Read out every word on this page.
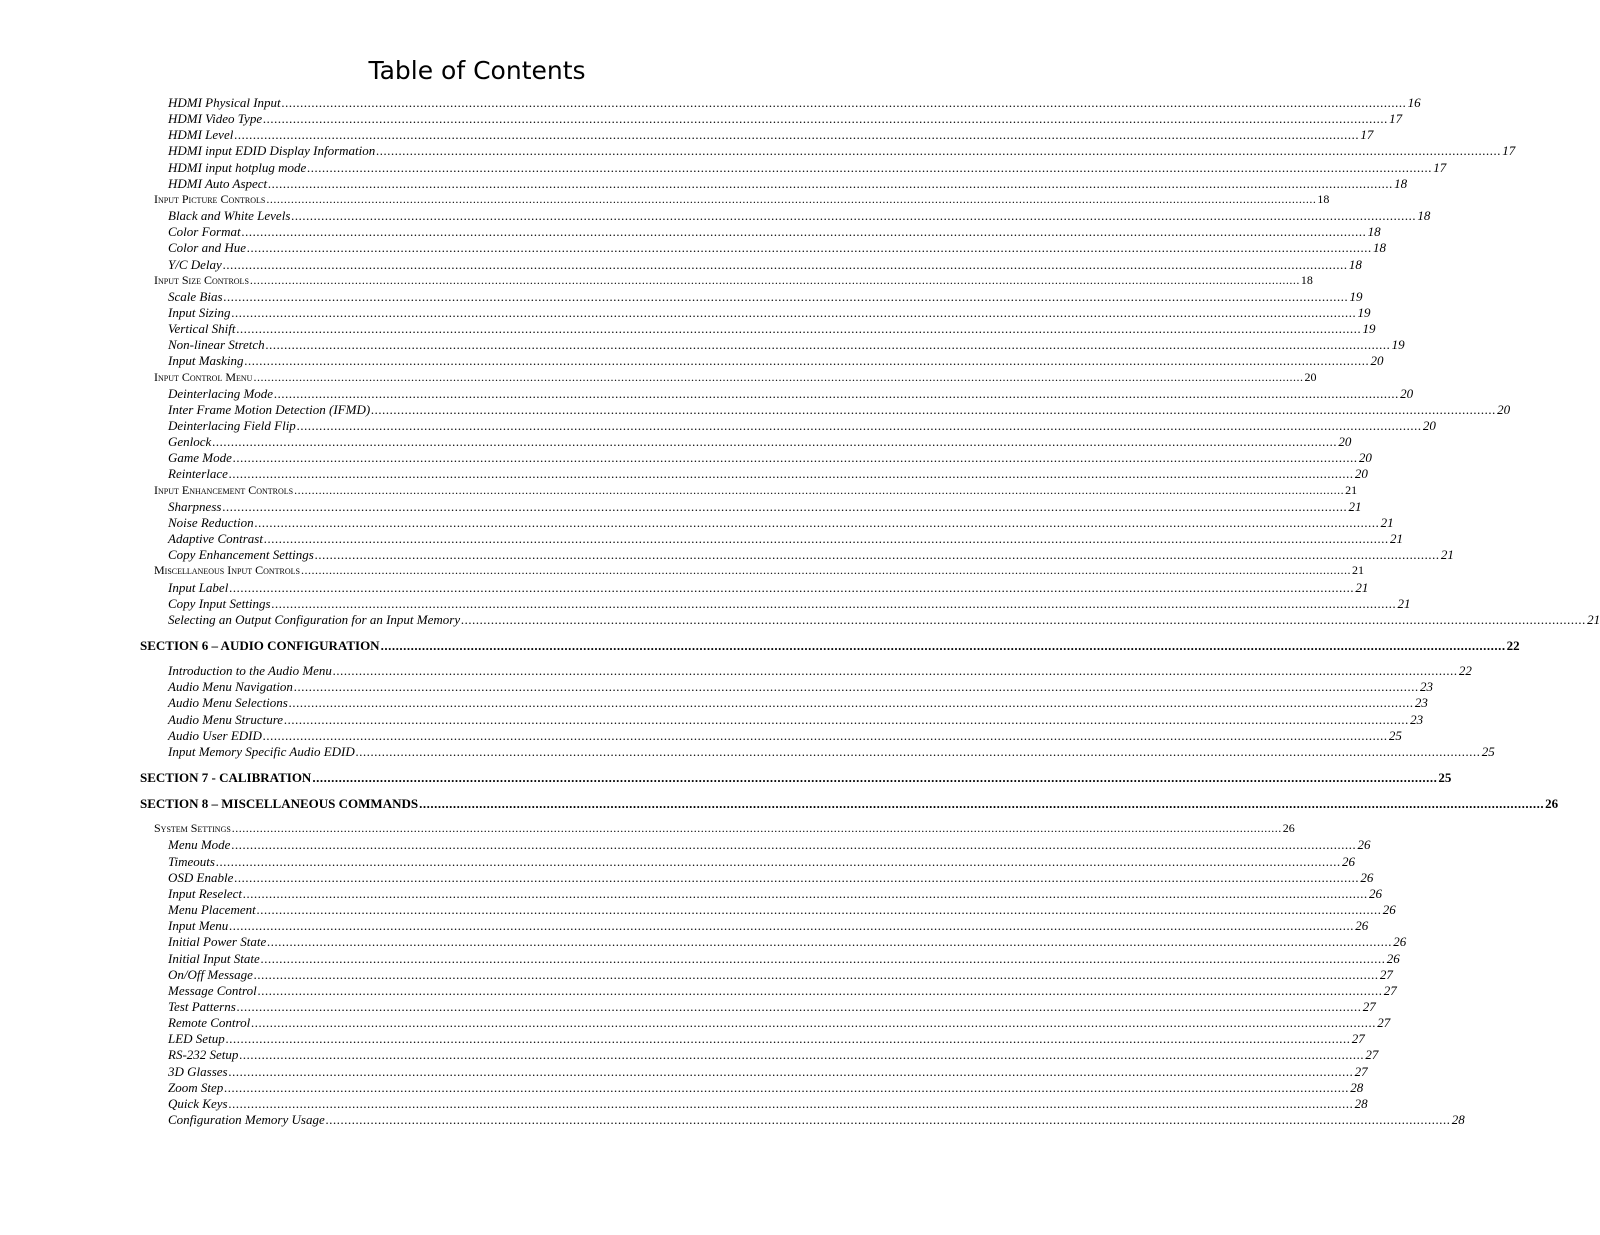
Table of Contents
HDMI Physical Input ............................................................................................................................................................................................................................................................................................................ 16
HDMI Video Type ............................................................................................................................................................................................................................................................................................................ 17
HDMI Level ............................................................................................................................................................................................................................................................................................................ 17
HDMI input EDID Display Information ............................................................................................................................................................................................................................................................................................................ 17
HDMI input hotplug mode ............................................................................................................................................................................................................................................................................................................ 17
HDMI Auto Aspect ............................................................................................................................................................................................................................................................................................................ 18
Input Picture Controls ............................................................................................................................................................................................................................................................................................................ 18
Black and White Levels ............................................................................................................................................................................................................................................................................................................ 18
Color Format ............................................................................................................................................................................................................................................................................................................ 18
Color and Hue ............................................................................................................................................................................................................................................................................................................ 18
Y/C Delay ............................................................................................................................................................................................................................................................................................................ 18
Input Size Controls ............................................................................................................................................................................................................................................................................................................ 18
Scale Bias ............................................................................................................................................................................................................................................................................................................ 19
Input Sizing ............................................................................................................................................................................................................................................................................................................ 19
Vertical Shift ............................................................................................................................................................................................................................................................................................................ 19
Non-linear Stretch ............................................................................................................................................................................................................................................................................................................ 19
Input Masking ............................................................................................................................................................................................................................................................................................................ 20
Input Control Menu ............................................................................................................................................................................................................................................................................................................ 20
Deinterlacing Mode ............................................................................................................................................................................................................................................................................................................ 20
Inter Frame Motion Detection (IFMD) ............................................................................................................................................................................................................................................................................................................ 20
Deinterlacing Field Flip ............................................................................................................................................................................................................................................................................................................ 20
Genlock ............................................................................................................................................................................................................................................................................................................ 20
Game Mode ............................................................................................................................................................................................................................................................................................................ 20
Reinterlace ............................................................................................................................................................................................................................................................................................................ 20
Input Enhancement Controls ............................................................................................................................................................................................................................................................................................................ 21
Sharpness ............................................................................................................................................................................................................................................................................................................ 21
Noise Reduction ............................................................................................................................................................................................................................................................................................................ 21
Adaptive Contrast ............................................................................................................................................................................................................................................................................................................ 21
Copy Enhancement Settings ............................................................................................................................................................................................................................................................................................................ 21
Miscellaneous Input Controls ............................................................................................................................................................................................................................................................................................................ 21
Input Label ............................................................................................................................................................................................................................................................................................................ 21
Copy Input Settings ............................................................................................................................................................................................................................................................................................................ 21
Selecting an Output Configuration for an Input Memory ............................................................................................................................................................................................................................................................................................................ 21
SECTION 6 – AUDIO CONFIGURATION ............................................................................................................................................................................................................................................................................................................ 22
Introduction to the Audio Menu ............................................................................................................................................................................................................................................................................................................ 22
Audio Menu Navigation ............................................................................................................................................................................................................................................................................................................ 23
Audio Menu Selections ............................................................................................................................................................................................................................................................................................................ 23
Audio Menu Structure ............................................................................................................................................................................................................................................................................................................ 23
Audio User EDID ............................................................................................................................................................................................................................................................................................................ 25
Input Memory Specific Audio EDID ............................................................................................................................................................................................................................................................................................................ 25
SECTION 7 - CALIBRATION ............................................................................................................................................................................................................................................................................................................ 25
SECTION 8 – MISCELLANEOUS COMMANDS ............................................................................................................................................................................................................................................................................................................ 26
System Settings ............................................................................................................................................................................................................................................................................................................ 26
Menu Mode ............................................................................................................................................................................................................................................................................................................ 26
Timeouts ............................................................................................................................................................................................................................................................................................................ 26
OSD Enable ............................................................................................................................................................................................................................................................................................................ 26
Input Reselect ............................................................................................................................................................................................................................................................................................................ 26
Menu Placement ............................................................................................................................................................................................................................................................................................................ 26
Input Menu ............................................................................................................................................................................................................................................................................................................ 26
Initial Power State ............................................................................................................................................................................................................................................................................................................ 26
Initial Input State ............................................................................................................................................................................................................................................................................................................ 26
On/Off Message ............................................................................................................................................................................................................................................................................................................ 27
Message Control ............................................................................................................................................................................................................................................................................................................ 27
Test Patterns ............................................................................................................................................................................................................................................................................................................ 27
Remote Control ............................................................................................................................................................................................................................................................................................................ 27
LED Setup ............................................................................................................................................................................................................................................................................................................ 27
RS-232 Setup ............................................................................................................................................................................................................................................................................................................ 27
3D Glasses ............................................................................................................................................................................................................................................................................................................ 27
Zoom Step ............................................................................................................................................................................................................................................................................................................ 28
Quick Keys ............................................................................................................................................................................................................................................................................................................ 28
Configuration Memory Usage ............................................................................................................................................................................................................................................................................................................ 28
